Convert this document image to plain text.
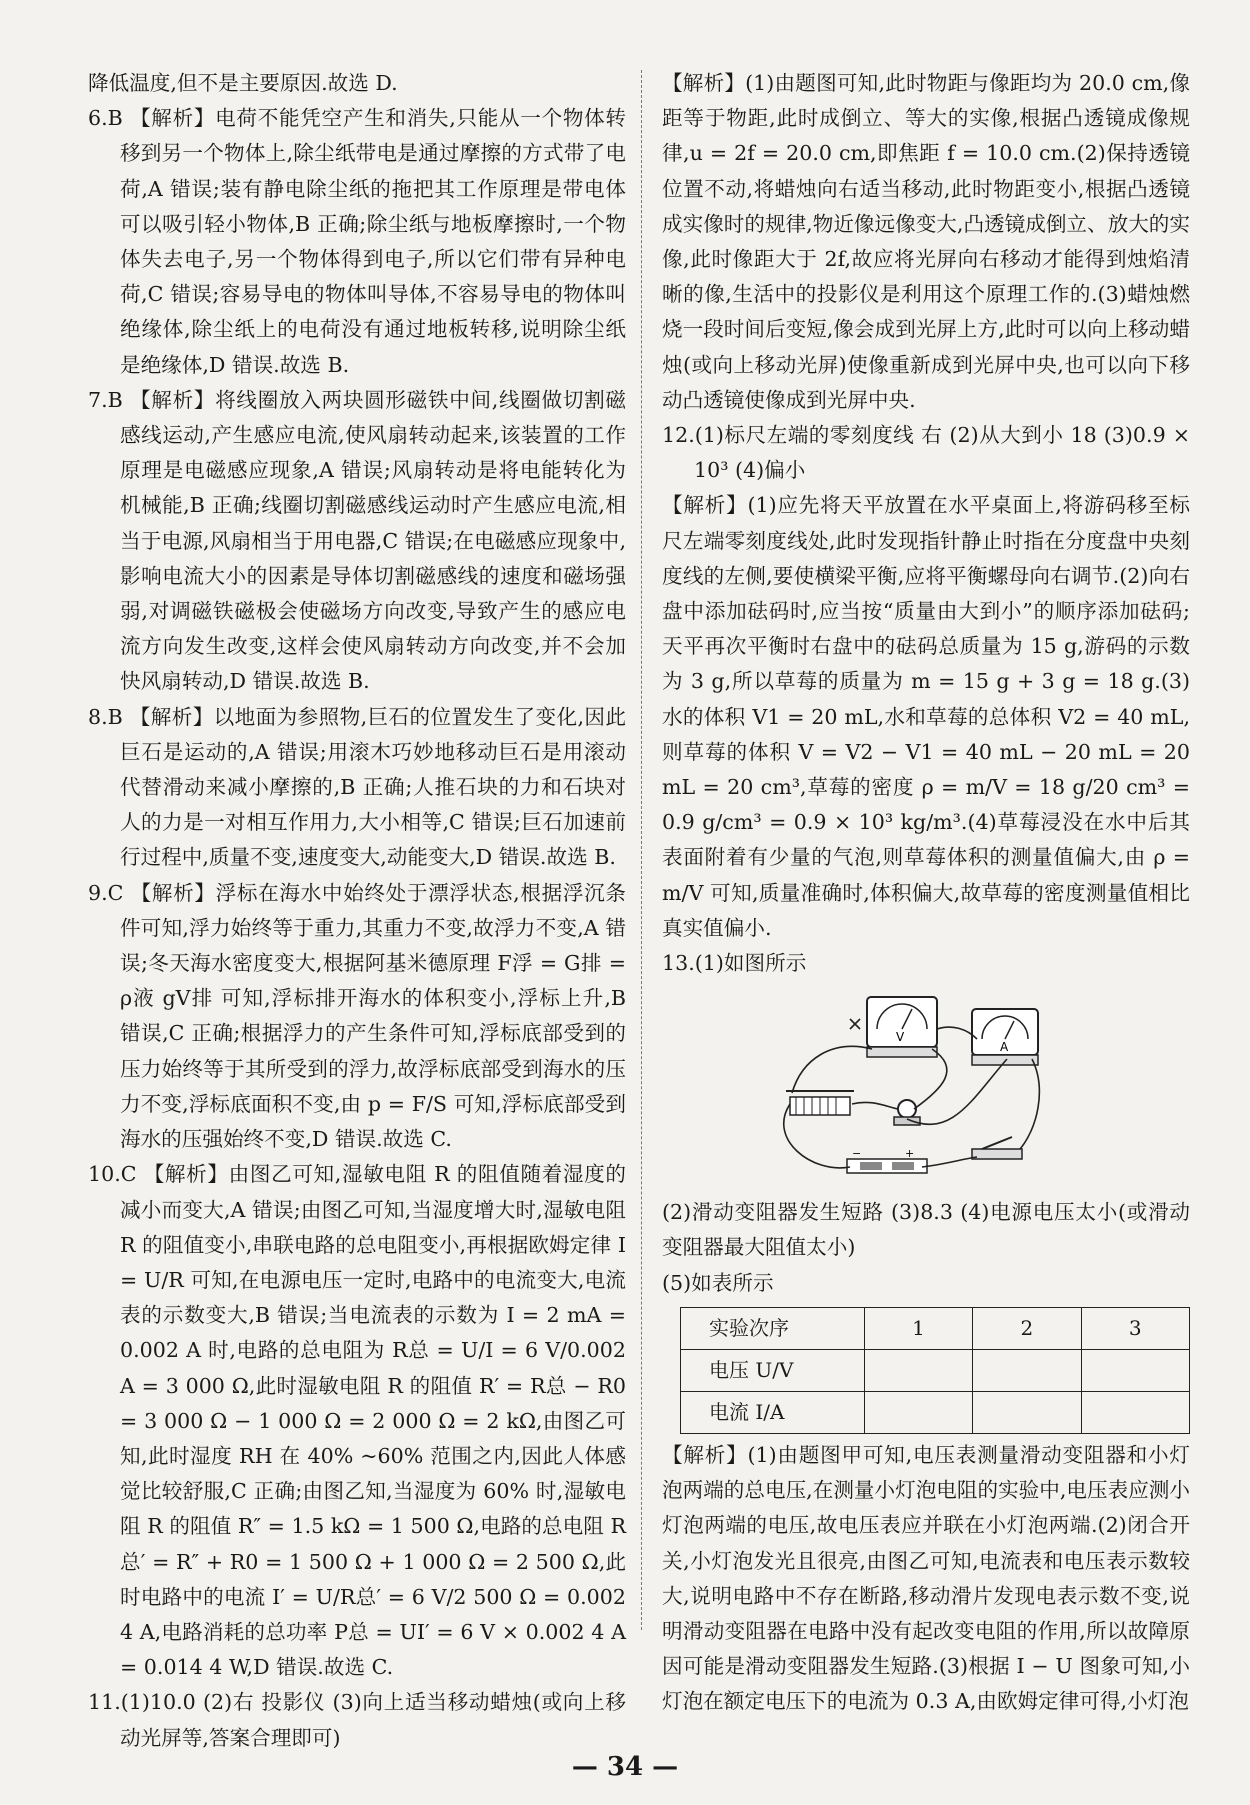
降低温度,但不是主要原因.故选 D.

6.B 【解析】电荷不能凭空产生和消失,只能从一个物体转移到另一个物体上,除尘纸带电是通过摩擦的方式带了电荷,A 错误;装有静电除尘纸的拖把其工作原理是带电体可以吸引轻小物体,B 正确;除尘纸与地板摩擦时,一个物体失去电子,另一个物体得到电子,所以它们带有异种电荷,C 错误;容易导电的物体叫导体,不容易导电的物体叫绝缘体,除尘纸上的电荷没有通过地板转移,说明除尘纸是绝缘体,D 错误.故选 B.

7.B 【解析】将线圈放入两块圆形磁铁中间,线圈做切割磁感线运动,产生感应电流,使风扇转动起来,该装置的工作原理是电磁感应现象,A 错误;风扇转动是将电能转化为机械能,B 正确;线圈切割磁感线运动时产生感应电流,相当于电源,风扇相当于用电器,C 错误;在电磁感应现象中,影响电流大小的因素是导体切割磁感线的速度和磁场强弱,对调磁铁磁极会使磁场方向改变,导致产生的感应电流方向发生改变,这样会使风扇转动方向改变,并不会加快风扇转动,D 错误.故选 B.

8.B 【解析】以地面为参照物,巨石的位置发生了变化,因此巨石是运动的,A 错误;用滚木巧妙地移动巨石是用滚动代替滑动来减小摩擦的,B 正确;人推石块的力和石块对人的力是一对相互作用力,大小相等,C 错误;巨石加速前行过程中,质量不变,速度变大,动能变大,D 错误.故选 B.

9.C 【解析】浮标在海水中始终处于漂浮状态,根据浮沉条件可知,浮力始终等于重力,其重力不变,故浮力不变,A 错误;冬天海水密度变大,根据阿基米德原理 F浮 = G排 = ρ液 gV排 可知,浮标排开海水的体积变小,浮标上升,B 错误,C 正确;根据浮力的产生条件可知,浮标底部受到的压力始终等于其所受到的浮力,故浮标底部受到海水的压力不变,浮标底面积不变,由 p = F/S 可知,浮标底部受到海水的压强始终不变,D 错误.故选 C.

10.C 【解析】由图乙可知,湿敏电阻 R 的阻值随着湿度的减小而变大,A 错误;由图乙可知,当湿度增大时,湿敏电阻 R 的阻值变小,串联电路的总电阻变小,再根据欧姆定律 I = U/R 可知,在电源电压一定时,电路中的电流变大,电流表的示数变大,B 错误;当电流表的示数为 I = 2 mA = 0.002 A 时,电路的总电阻为 R总 = U/I = 6 V/0.002 A = 3 000 Ω,此时湿敏电阻 R 的阻值 R′ = R总 − R0 = 3 000 Ω − 1 000 Ω = 2 000 Ω = 2 kΩ,由图乙可知,此时湿度 RH 在 40% ~60% 范围之内,因此人体感觉比较舒服,C 正确;由图乙知,当湿度为 60% 时,湿敏电阻 R 的阻值 R″ = 1.5 kΩ = 1 500 Ω,电路的总电阻 R总′ = R″ + R0 = 1 500 Ω + 1 000 Ω = 2 500 Ω,此时电路中的电流 I′ = U/R总′ = 6 V/2 500 Ω = 0.002 4 A,电路消耗的总功率 P总 = UI′ = 6 V × 0.002 4 A = 0.014 4 W,D 错误.故选 C.

11.(1)10.0 (2)右 投影仪 (3)向上适当移动蜡烛(或向上移动光屏等,答案合理即可)

【解析】(1)由题图可知,此时物距与像距均为 20.0 cm,像距等于物距,此时成倒立、等大的实像,根据凸透镜成像规律,u = 2f = 20.0 cm,即焦距 f = 10.0 cm.(2)保持透镜位置不动,将蜡烛向右适当移动,此时物距变小,根据凸透镜成实像时的规律,物近像远像变大,凸透镜成倒立、放大的实像,此时像距大于 2f,故应将光屏向右移动才能得到烛焰清晰的像,生活中的投影仪是利用这个原理工作的.(3)蜡烛燃烧一段时间后变短,像会成到光屏上方,此时可以向上移动蜡烛(或向上移动光屏)使像重新成到光屏中央,也可以向下移动凸透镜使像成到光屏中央.

12.(1)标尺左端的零刻度线 右 (2)从大到小 18 (3)0.9 × 10³ (4)偏小

【解析】(1)应先将天平放置在水平桌面上,将游码移至标尺左端零刻度线处,此时发现指针静止时指在分度盘中央刻度线的左侧,要使横梁平衡,应将平衡螺母向右调节.(2)向右盘中添加砝码时,应当按“质量由大到小”的顺序添加砝码;天平再次平衡时右盘中的砝码总质量为 15 g,游码的示数为 3 g,所以草莓的质量为 m = 15 g + 3 g = 18 g.(3)水的体积 V1 = 20 mL,水和草莓的总体积 V2 = 40 mL,则草莓的体积 V = V2 − V1 = 40 mL − 20 mL = 20 mL = 20 cm³,草莓的密度 ρ = m/V = 18 g/20 cm³ = 0.9 g/cm³ = 0.9 × 10³ kg/m³.(4)草莓浸没在水中后其表面附着有少量的气泡,则草莓体积的测量值偏大,由 ρ = m/V 可知,质量准确时,体积偏大,故草莓的密度测量值相比真实值偏小.

13.(1)如图所示

V
A
+
−

(2)滑动变阻器发生短路 (3)8.3 (4)电源电压太小(或滑动变阻器最大阻值太小)

(5)如表所示

实验次序	1	2	3
电压 U/V			
电流 I/A			

【解析】(1)由题图甲可知,电压表测量滑动变阻器和小灯泡两端的总电压,在测量小灯泡电阻的实验中,电压表应测小灯泡两端的电压,故电压表应并联在小灯泡两端.(2)闭合开关,小灯泡发光且很亮,由图乙可知,电流表和电压表示数较大,说明电路中不存在断路,移动滑片发现电表示数不变,说明滑动变阻器在电路中没有起改变电阻的作用,所以故障原因可能是滑动变阻器发生短路.(3)根据 I − U 图象可知,小灯泡在额定电压下的电流为 0.3 A,由欧姆定律可得,小灯泡

— 34 —
